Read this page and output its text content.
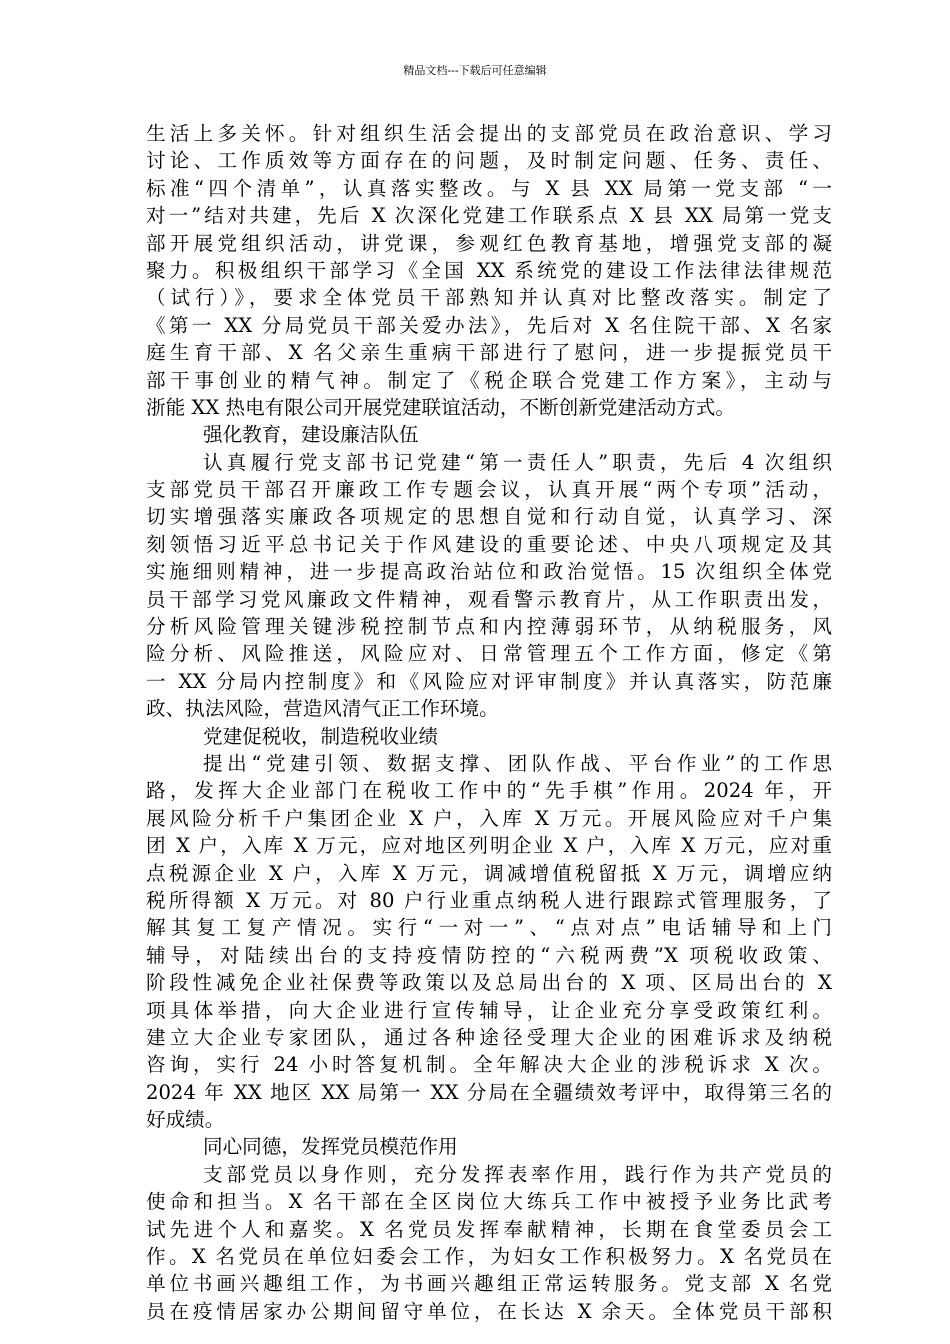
精品文档---下载后可任意编辑
生活上多关怀。针对组织生活会提出的支部党员在政治意识、学习
讨论、工作质效等方面存在的问题，及时制定问题、任务、责任、
标准“四个清单”，认真落实整改。与 X 县 XX 局第一党支部 “一
对一”结对共建，先后 X 次深化党建工作联系点 X 县 XX 局第一党支
部开展党组织活动，讲党课，参观红色教育基地，增强党支部的凝
聚力。积极组织干部学习《全国 XX 系统党的建设工作法律法律规范
（试行）》，要求全体党员干部熟知并认真对比整改落实。制定了
《第一 XX 分局党员干部关爱办法》，先后对 X 名住院干部、X 名家
庭生育干部、X 名父亲生重病干部进行了慰问，进一步提振党员干
部干事创业的精气神。制定了《税企联合党建工作方案》，主动与
浙能 XX 热电有限公司开展党建联谊活动，不断创新党建活动方式。
强化教育，建设廉洁队伍
认真履行党支部书记党建“第一责任人”职责，先后 4 次组织
支部党员干部召开廉政工作专题会议，认真开展“两个专项”活动，
切实增强落实廉政各项规定的思想自觉和行动自觉，认真学习、深
刻领悟习近平总书记关于作风建设的重要论述、中央八项规定及其
实施细则精神，进一步提高政治站位和政治觉悟。15 次组织全体党
员干部学习党风廉政文件精神，观看警示教育片，从工作职责出发，
分析风险管理关键涉税控制节点和内控薄弱环节，从纳税服务，风
险分析、风险推送，风险应对、日常管理五个工作方面，修定《第
一 XX 分局内控制度》和《风险应对评审制度》并认真落实，防范廉
政、执法风险，营造风清气正工作环境。
党建促税收，制造税收业绩
提出“党建引领、数据支撑、团队作战、平台作业”的工作思
路，发挥大企业部门在税收工作中的“先手棋”作用。2024 年，开
展风险分析千户集团企业 X 户，入库 X 万元。开展风险应对千户集
团 X 户，入库 X 万元，应对地区列明企业 X 户，入库 X 万元，应对重
点税源企业 X 户，入库 X 万元，调减增值税留抵 X 万元，调增应纳
税所得额 X 万元。对 80 户行业重点纳税人进行跟踪式管理服务，了
解其复工复产情况。实行“一对一”、“点对点”电话辅导和上门
辅导，对陆续出台的支持疫情防控的“六税两费”X 项税收政策、
阶段性减免企业社保费等政策以及总局出台的 X 项、区局出台的 X
项具体举措，向大企业进行宣传辅导，让企业充分享受政策红利。
建立大企业专家团队，通过各种途径受理大企业的困难诉求及纳税
咨询，实行 24 小时答复机制。全年解决大企业的涉税诉求 X 次。
2024 年 XX 地区 XX 局第一 XX 分局在全疆绩效考评中，取得第三名的
好成绩。
同心同德，发挥党员模范作用
支部党员以身作则，充分发挥表率作用，践行作为共产党员的
使命和担当。X 名干部在全区岗位大练兵工作中被授予业务比武考
试先进个人和嘉奖。X 名党员发挥奉献精神，长期在食堂委员会工
作。X 名党员在单位妇委会工作，为妇女工作积极努力。X 名党员在
单位书画兴趣组工作，为书画兴趣组正常运转服务。党支部 X 名党
员在疫情居家办公期间留守单位，在长达 X 余天。全体党员干部积
